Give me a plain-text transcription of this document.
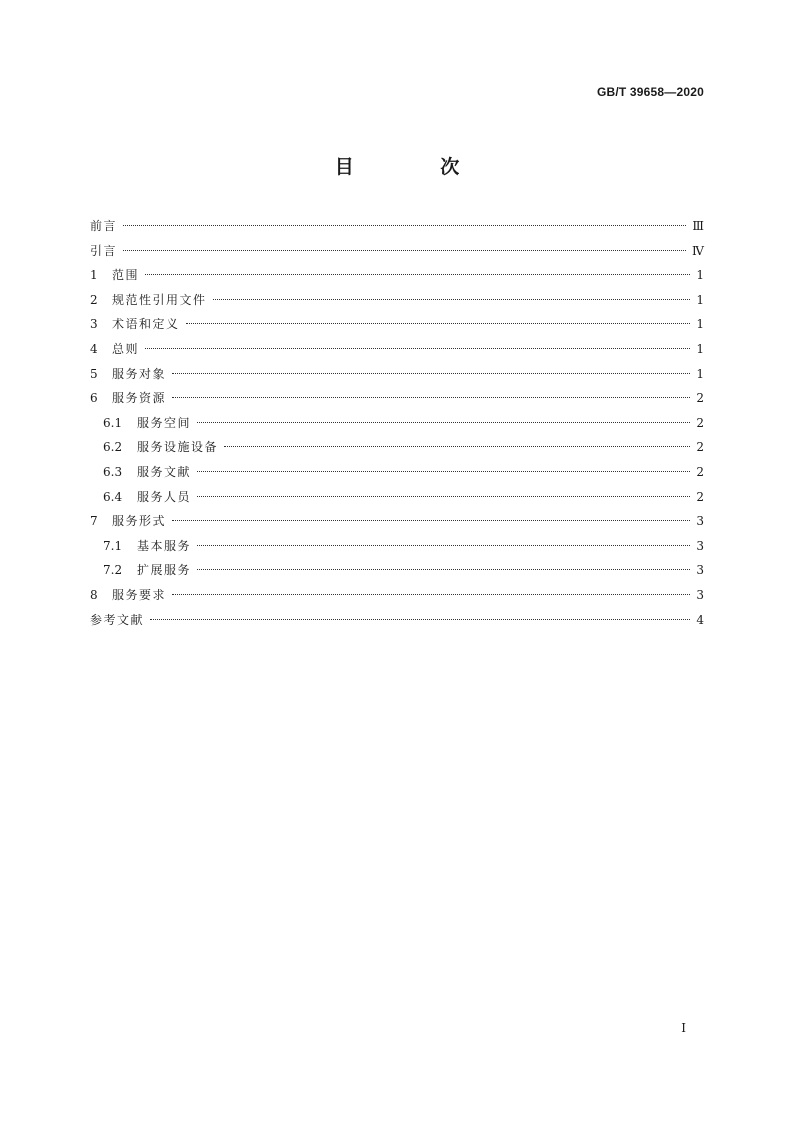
GB/T 39658—2020
目 次
前言	Ⅲ
引言	Ⅳ
1	范围	1
2	规范性引用文件	1
3	术语和定义	1
4	总则	1
5	服务对象	1
6	服务资源	2
6.1	服务空间	2
6.2	服务设施设备	2
6.3	服务文献	2
6.4	服务人员	2
7	服务形式	3
7.1	基本服务	3
7.2	扩展服务	3
8	服务要求	3
参考文献	4
I
